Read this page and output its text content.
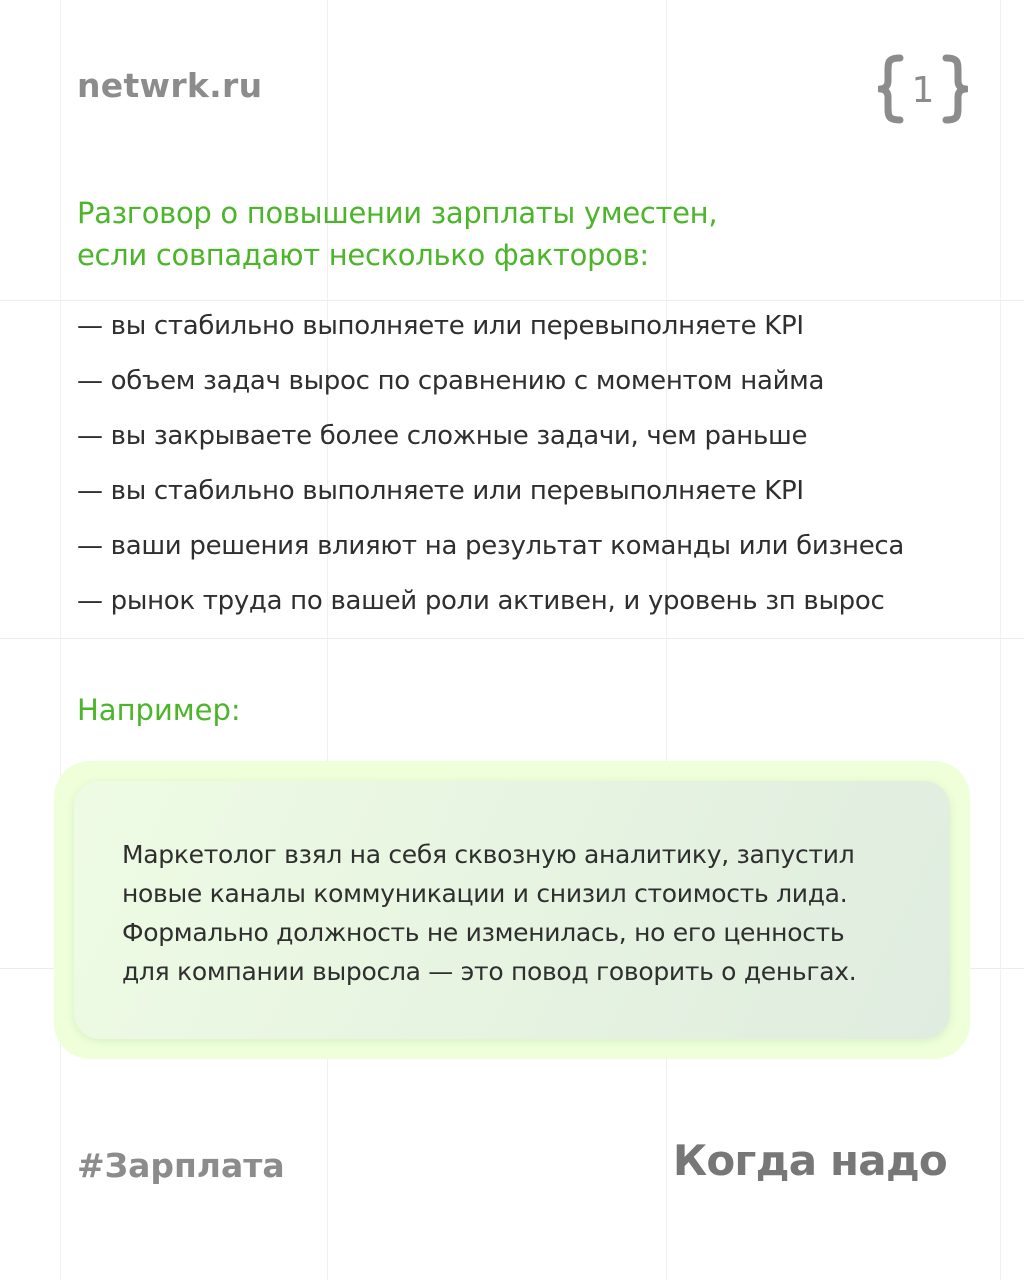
netwrk.ru	1
Разговор о повышении зарплаты уместен,
если совпадают несколько факторов:
— вы стабильно выполняете или перевыполняете KPI
— объем задач вырос по сравнению с моментом найма
— вы закрываете более сложные задачи, чем раньше
— вы стабильно выполняете или перевыполняете KPI
— ваши решения влияют на результат команды или бизнеса
— рынок труда по вашей роли активен, и уровень зп вырос
Например:
Маркетолог взял на себя сквозную аналитику, запустил
новые каналы коммуникации и снизил стоимость лида.
Формально должность не изменилась, но его ценность
для компании выросла — это повод говорить о деньгах.
#Зарплата	Когда надо
